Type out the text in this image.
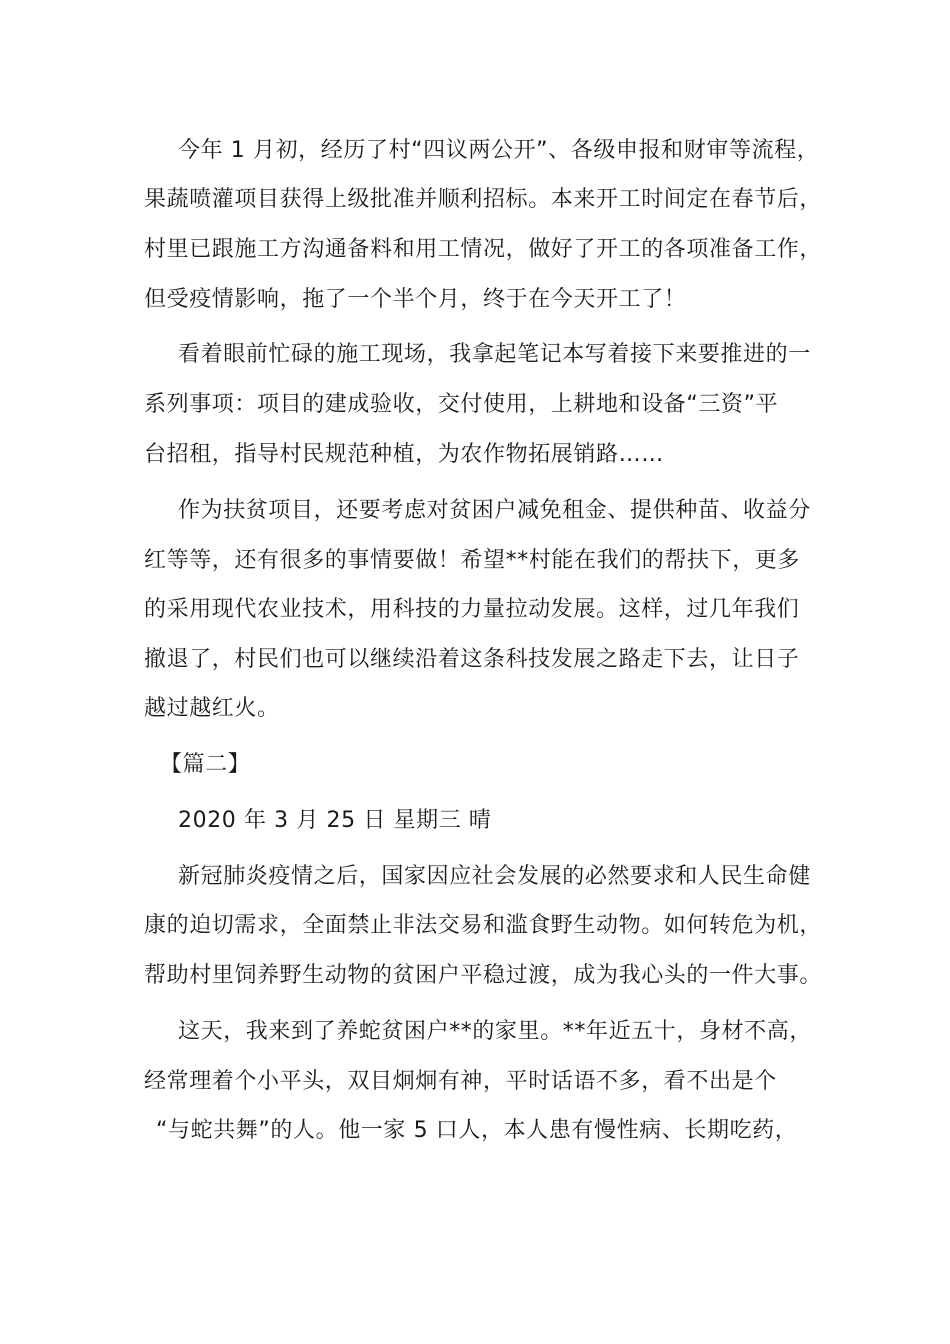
今年 1 月初，经历了村“四议两公开”、各级申报和财审等流程，
果蔬喷灌项目获得上级批准并顺利招标。本来开工时间定在春节后，
村里已跟施工方沟通备料和用工情况，做好了开工的各项准备工作，
但受疫情影响，拖了一个半个月，终于在今天开工了！
看着眼前忙碌的施工现场，我拿起笔记本写着接下来要推进的一
系列事项：项目的建成验收，交付使用，上耕地和设备“三资”平
台招租，指导村民规范种植，为农作物拓展销路……
作为扶贫项目，还要考虑对贫困户减免租金、提供种苗、收益分
红等等，还有很多的事情要做！希望**村能在我们的帮扶下，更多
的采用现代农业技术，用科技的力量拉动发展。这样，过几年我们
撤退了，村民们也可以继续沿着这条科技发展之路走下去，让日子
越过越红火。
【篇二】
2020 年 3 月 25 日 星期三 晴
新冠肺炎疫情之后，国家因应社会发展的必然要求和人民生命健
康的迫切需求，全面禁止非法交易和滥食野生动物。如何转危为机，
帮助村里饲养野生动物的贫困户平稳过渡，成为我心头的一件大事。
这天，我来到了养蛇贫困户**的家里。**年近五十，身材不高，
经常理着个小平头，双目炯炯有神，平时话语不多，看不出是个
“与蛇共舞”的人。他一家 5 口人，本人患有慢性病、长期吃药，
